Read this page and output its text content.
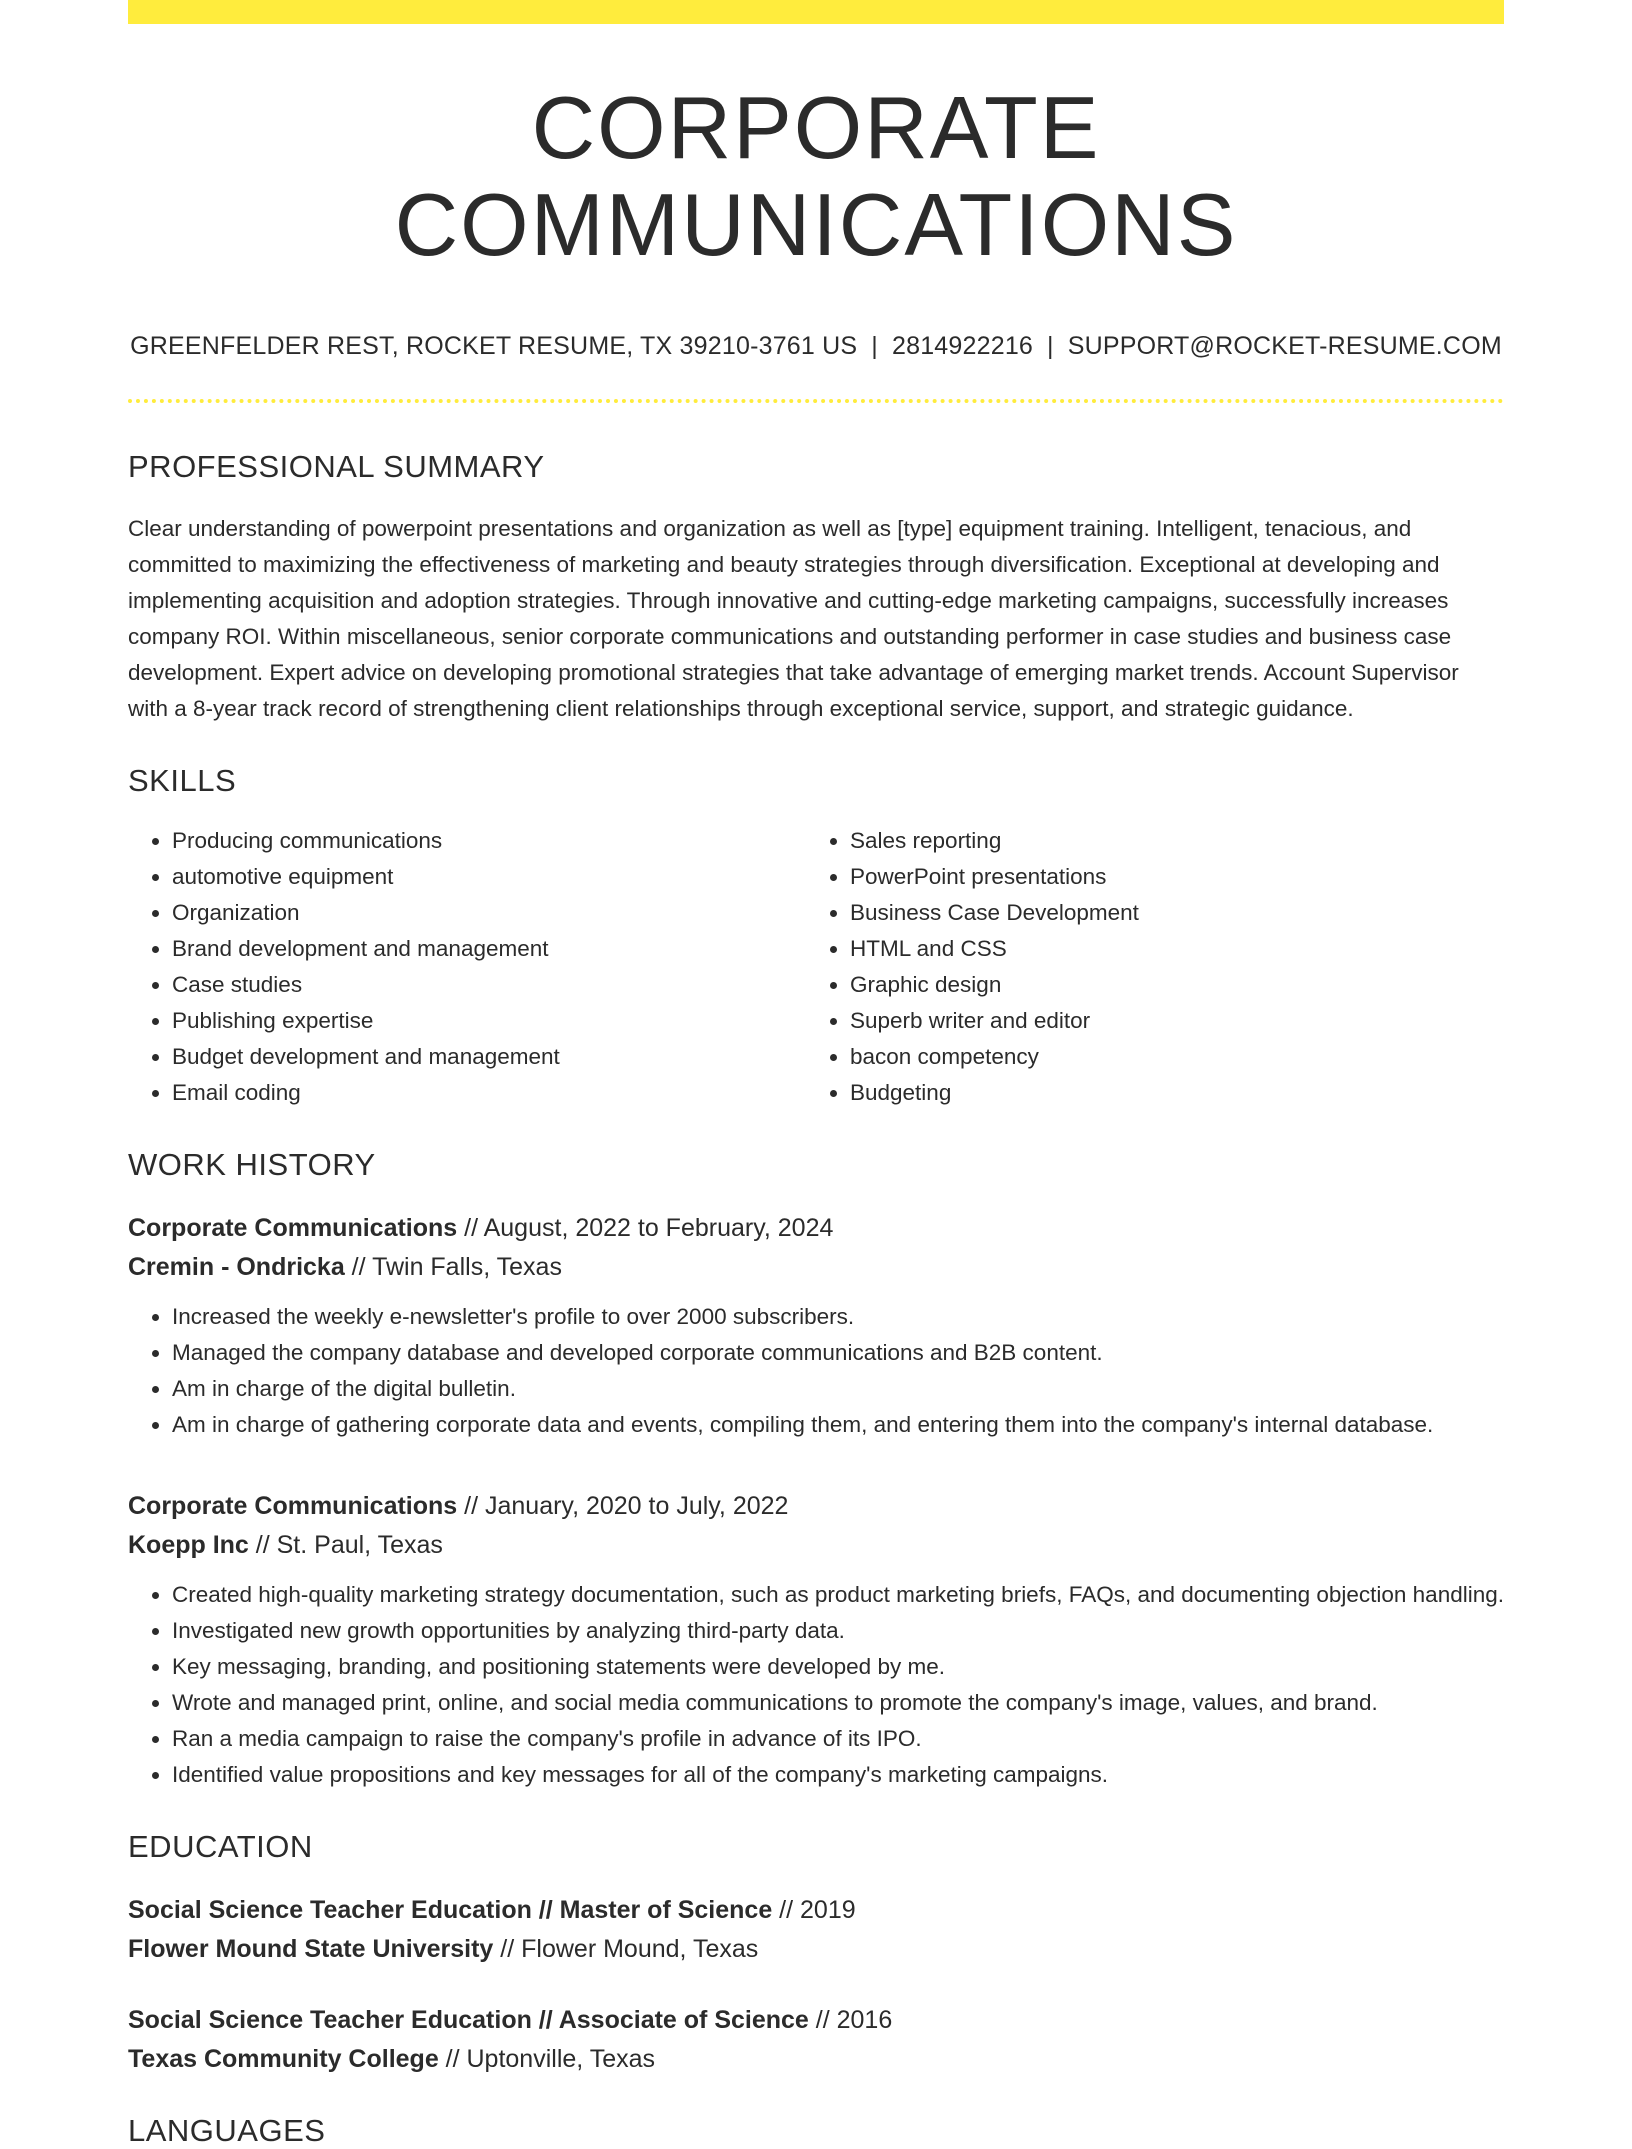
CORPORATE COMMUNICATIONS
GREENFELDER REST, ROCKET RESUME, TX 39210-3761 US | 2814922216 | SUPPORT@ROCKET-RESUME.COM
PROFESSIONAL SUMMARY
Clear understanding of powerpoint presentations and organization as well as [type] equipment training. Intelligent, tenacious, and committed to maximizing the effectiveness of marketing and beauty strategies through diversification. Exceptional at developing and implementing acquisition and adoption strategies. Through innovative and cutting-edge marketing campaigns, successfully increases company ROI. Within miscellaneous, senior corporate communications and outstanding performer in case studies and business case development. Expert advice on developing promotional strategies that take advantage of emerging market trends. Account Supervisor with a 8-year track record of strengthening client relationships through exceptional service, support, and strategic guidance.
SKILLS
• Producing communications
• automotive equipment
• Organization
• Brand development and management
• Case studies
• Publishing expertise
• Budget development and management
• Email coding
• Sales reporting
• PowerPoint presentations
• Business Case Development
• HTML and CSS
• Graphic design
• Superb writer and editor
• bacon competency
• Budgeting
WORK HISTORY
Corporate Communications // August, 2022 to February, 2024
Cremin - Ondricka // Twin Falls, Texas
• Increased the weekly e-newsletter's profile to over 2000 subscribers.
• Managed the company database and developed corporate communications and B2B content.
• Am in charge of the digital bulletin.
• Am in charge of gathering corporate data and events, compiling them, and entering them into the company's internal database.
Corporate Communications // January, 2020 to July, 2022
Koepp Inc // St. Paul, Texas
• Created high-quality marketing strategy documentation, such as product marketing briefs, FAQs, and documenting objection handling.
• Investigated new growth opportunities by analyzing third-party data.
• Key messaging, branding, and positioning statements were developed by me.
• Wrote and managed print, online, and social media communications to promote the company's image, values, and brand.
• Ran a media campaign to raise the company's profile in advance of its IPO.
• Identified value propositions and key messages for all of the company's marketing campaigns.
EDUCATION
Social Science Teacher Education // Master of Science // 2019
Flower Mound State University // Flower Mound, Texas
Social Science Teacher Education // Associate of Science // 2016
Texas Community College // Uptonville, Texas
LANGUAGES
